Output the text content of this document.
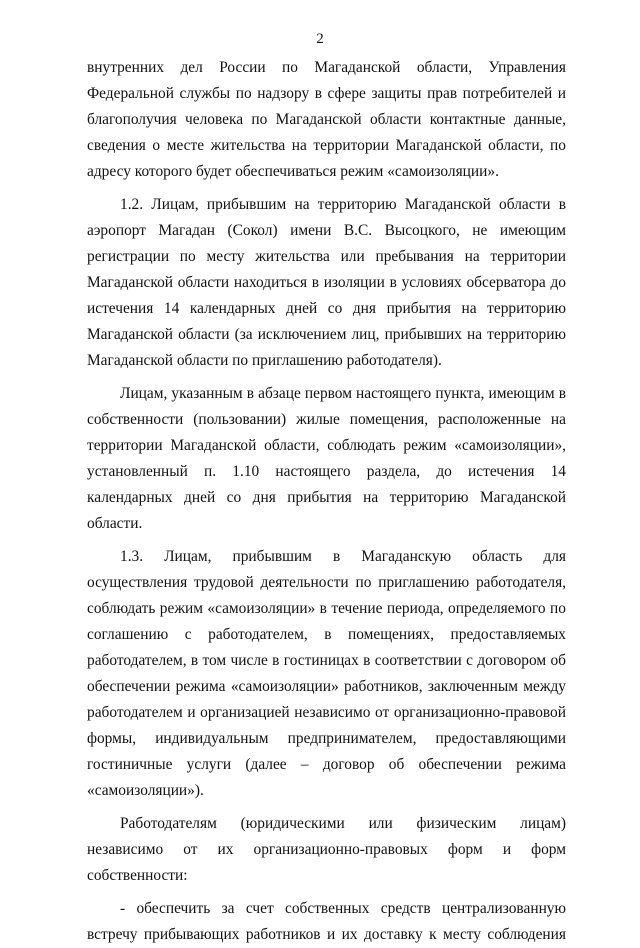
2

внутренних дел России по Магаданской области, Управления Федеральной службы по надзору в сфере защиты прав потребителей и благополучия человека по Магаданской области контактные данные, сведения о месте жительства на территории Магаданской области, по адресу которого будет обеспечиваться режим «самоизоляции».

1.2. Лицам, прибывшим на территорию Магаданской области в аэропорт Магадан (Сокол) имени В.С. Высоцкого, не имеющим регистрации по месту жительства или пребывания на территории Магаданской области находиться в изоляции в условиях обсерватора до истечения 14 календарных дней со дня прибытия на территорию Магаданской области (за исключением лиц, прибывших на территорию Магаданской области по приглашению работодателя).

Лицам, указанным в абзаце первом настоящего пункта, имеющим в собственности (пользовании) жилые помещения, расположенные на территории Магаданской области, соблюдать режим «самоизоляции», установленный п. 1.10 настоящего раздела, до истечения 14 календарных дней со дня прибытия на территорию Магаданской области.

1.3. Лицам, прибывшим в Магаданскую область для осуществления трудовой деятельности по приглашению работодателя, соблюдать режим «самоизоляции» в течение периода, определяемого по соглашению с работодателем, в помещениях, предоставляемых работодателем, в том числе в гостиницах в соответствии с договором об обеспечении режима «самоизоляции» работников, заключенным между работодателем и организацией независимо от организационно-правовой формы, индивидуальным предпринимателем, предоставляющими гостиничные услуги (далее – договор об обеспечении режима «самоизоляции»).

Работодателям (юридическими или физическим лицам) независимо от их организационно-правовых форм и форм собственности:

- обеспечить за счет собственных средств централизованную встречу прибывающих работников и их доставку к месту соблюдения
